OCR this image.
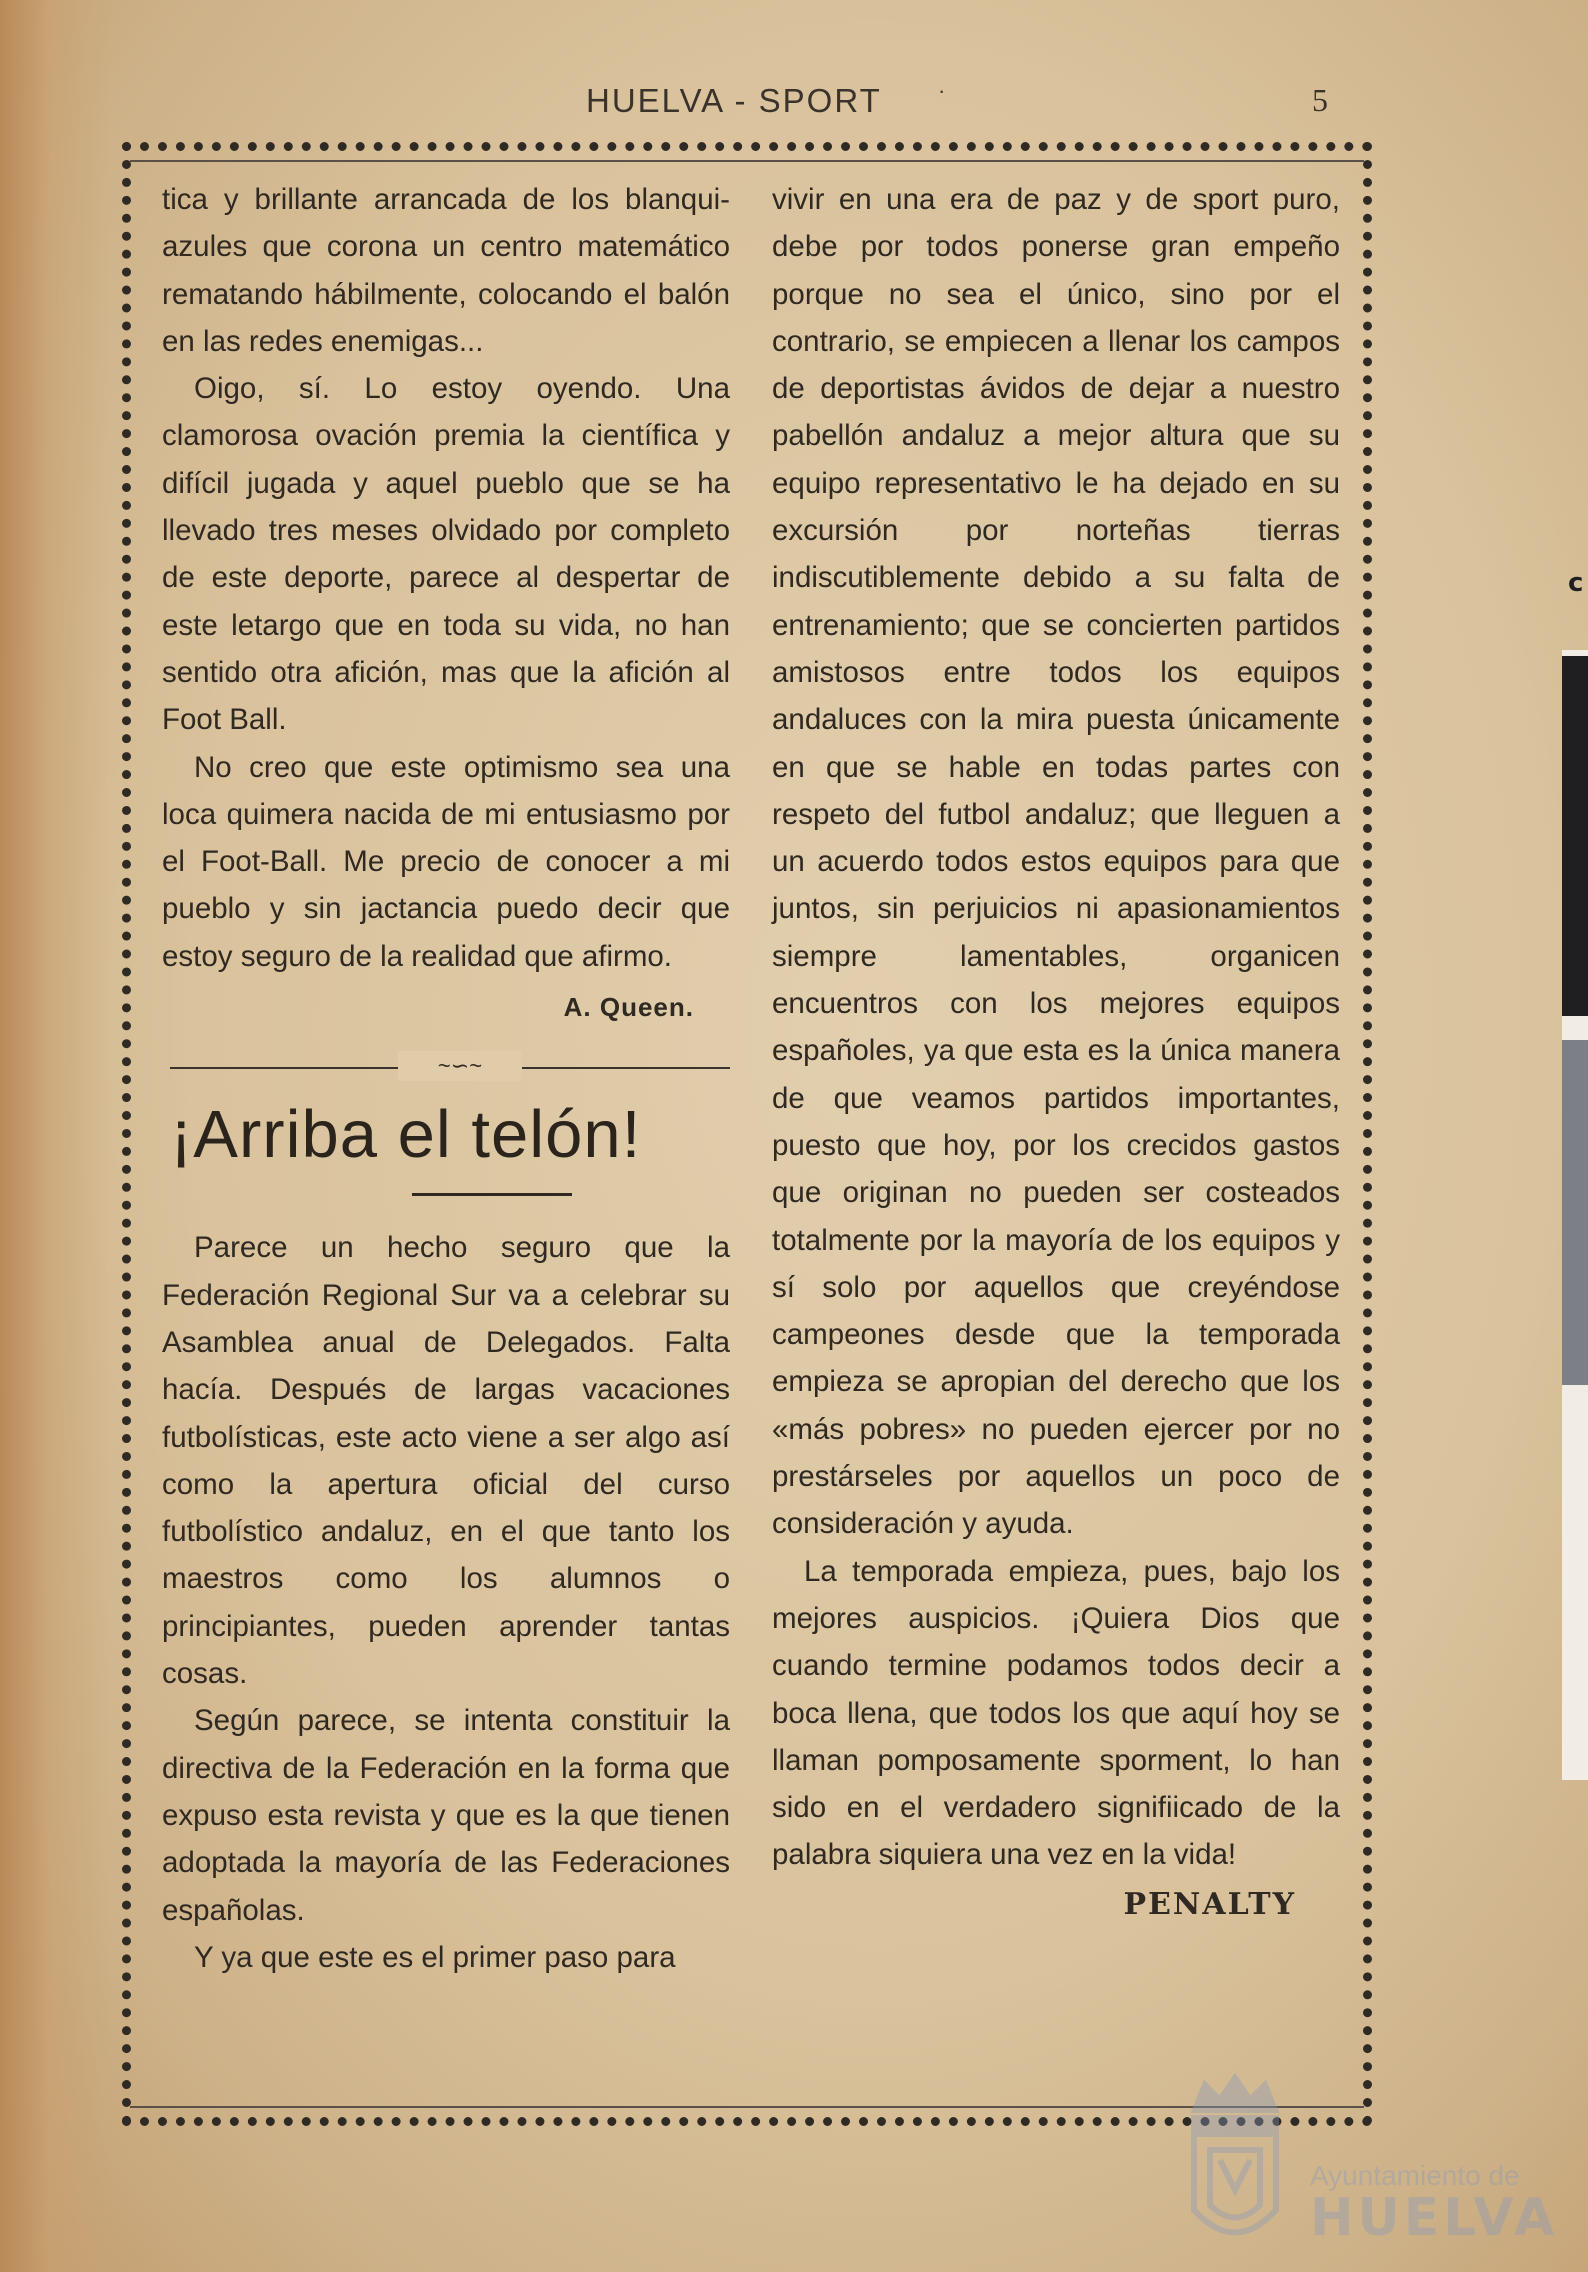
c
HUELVA - SPORT	·	5

tica y brillante arrancada de los blanqui-azules que corona un centro matemático rematando hábilmente, colocando el balón en las redes enemigas...

Oigo, sí. Lo estoy oyendo. Una clamorosa ovación premia la científica y difícil jugada y aquel pueblo que se ha llevado tres meses olvidado por completo de este deporte, parece al despertar de este letargo que en toda su vida, no han sentido otra afición, mas que la afición al Foot Ball.

No creo que este optimismo sea una loca quimera nacida de mi entusiasmo por el Foot-Ball. Me precio de conocer a mi pueblo y sin jactancia puedo decir que estoy seguro de la realidad que afirmo.

A. Queen.
~∽~
¡Arriba el telón!

Parece un hecho seguro que la Federación Regional Sur va a celebrar su Asamblea anual de Delegados. Falta hacía. Después de largas vacaciones futbolísticas, este acto viene a ser algo así como la apertura oficial del curso futbolístico andaluz, en el que tanto los maestros como los alumnos o principiantes, pueden aprender tantas cosas.

Según parece, se intenta constituir la directiva de la Federación en la forma que expuso esta revista y que es la que tienen adoptada la mayoría de las Federaciones españolas.

Y ya que este es el primer paso para

vivir en una era de paz y de sport puro, debe por todos ponerse gran empeño porque no sea el único, sino por el contrario, se empiecen a llenar los campos de deportistas ávidos de dejar a nuestro pabellón andaluz a mejor altura que su equipo representativo le ha dejado en su excursión por norteñas tierras indiscutiblemente debido a su falta de entrenamiento; que se concierten partidos amistosos entre todos los equipos andaluces con la mira puesta únicamente en que se hable en todas partes con respeto del futbol andaluz; que lleguen a un acuerdo todos estos equipos para que juntos, sin perjuicios ni apasionamientos siempre lamentables, organicen encuentros con los mejores equipos españoles, ya que esta es la única manera de que veamos partidos importantes, puesto que hoy, por los crecidos gastos que originan no pueden ser costeados totalmente por la mayoría de los equipos y sí solo por aquellos que creyéndose campeones desde que la temporada empieza se apropian del derecho que los «más pobres» no pueden ejercer por no prestárseles por aquellos un poco de consideración y ayuda.

La temporada empieza, pues, bajo los mejores auspicios. ¡Quiera Dios que cuando termine podamos todos decir a boca llena, que todos los que aquí hoy se llaman pomposamente sporment, lo han sido en el verdadero signifiicado de la palabra siquiera una vez en la vida!

PENALTY
Ayuntamiento de
HUELVA
